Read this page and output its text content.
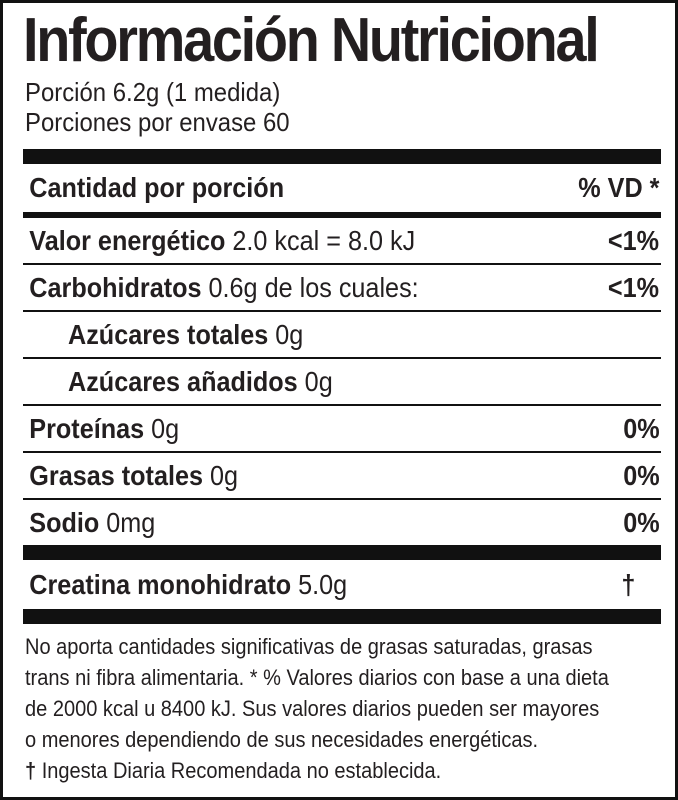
Información Nutricional
Porción 6.2g (1 medida)
Porciones por envase 60
Cantidad por porción	% VD *
Valor energético 2.0 kcal = 8.0 kJ	<1%
Carbohidratos 0.6g de los cuales:	<1%
Azúcares totales 0g
Azúcares añadidos 0g
Proteínas 0g	0%
Grasas totales 0g	0%
Sodio 0mg	0%
Creatina monohidrato 5.0g	†
No aporta cantidades significativas de grasas saturadas, grasas
trans ni fibra alimentaria. * % Valores diarios con base a una dieta
de 2000 kcal u 8400 kJ. Sus valores diarios pueden ser mayores
o menores dependiendo de sus necesidades energéticas.
† Ingesta Diaria Recomendada no establecida.
